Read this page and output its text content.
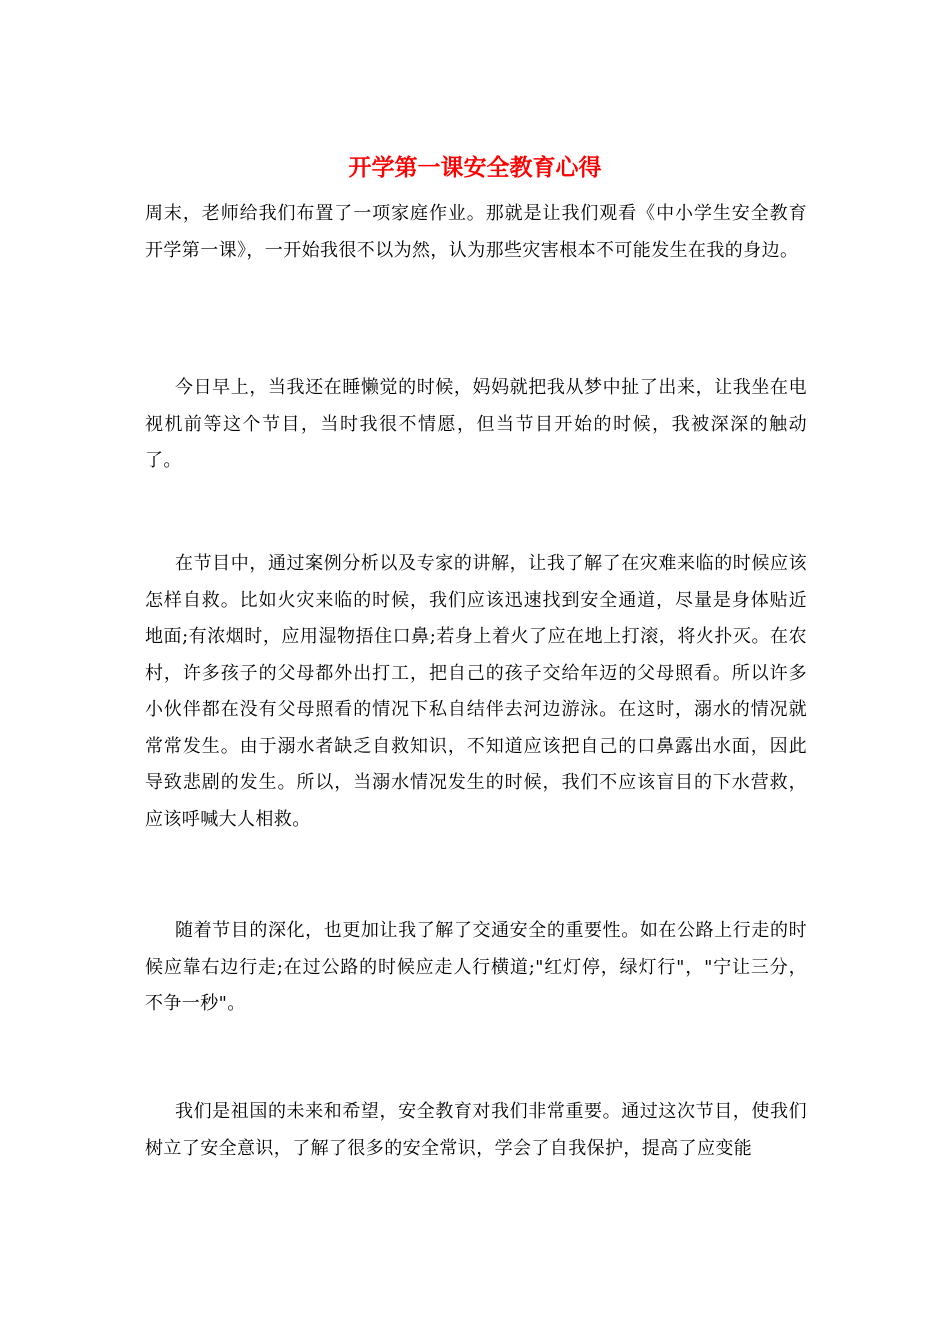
开学第一课安全教育心得

周末，老师给我们布置了一项家庭作业。那就是让我们观看《中小学生安全教育开学第一课》，一开始我很不以为然，认为那些灾害根本不可能发生在我的身边。

今日早上，当我还在睡懒觉的时候，妈妈就把我从梦中扯了出来，让我坐在电视机前等这个节目，当时我很不情愿，但当节目开始的时候，我被深深的触动了。

在节目中，通过案例分析以及专家的讲解，让我了解了在灾难来临的时候应该怎样自救。比如火灾来临的时候，我们应该迅速找到安全通道，尽量是身体贴近地面;有浓烟时，应用湿物捂住口鼻;若身上着火了应在地上打滚，将火扑灭。在农村，许多孩子的父母都外出打工，把自己的孩子交给年迈的父母照看。所以许多小伙伴都在没有父母照看的情况下私自结伴去河边游泳。在这时，溺水的情况就常常发生。由于溺水者缺乏自救知识，不知道应该把自己的口鼻露出水面，因此导致悲剧的发生。所以，当溺水情况发生的时候，我们不应该盲目的下水营救，应该呼喊大人相救。

随着节目的深化，也更加让我了解了交通安全的重要性。如在公路上行走的时候应靠右边行走;在过公路的时候应走人行横道;"红灯停，绿灯行"，"宁让三分，不争一秒"。

我们是祖国的未来和希望，安全教育对我们非常重要。通过这次节目，使我们树立了安全意识，了解了很多的安全常识，学会了自我保护，提高了应变能
